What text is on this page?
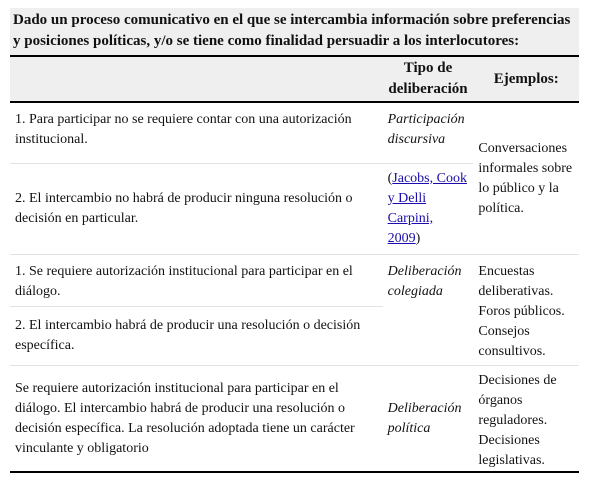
Dado un proceso comunicativo en el que se intercambia información sobre preferencias y posiciones políticas, y/o se tiene como finalidad persuadir a los interlocutores:		
	Tipo de deliberación	Ejemplos:
1. Para participar no se requiere contar con una autorización institucional.	Participación discursiva	Conversaciones informales sobre lo público y la política.
2. El intercambio no habrá de producir ninguna resolución o decisión en particular.	(Jacobs, Cook y Delli Carpini, 2009)	
1. Se requiere autorización institucional para participar en el diálogo.	Deliberación colegiada	Encuestas deliberativas. Foros públicos. Consejos consultivos.
2. El intercambio habrá de producir una resolución o decisión específica.		
Se requiere autorización institucional para participar en el diálogo. El intercambio habrá de producir una resolución o decisión específica. La resolución adoptada tiene un carácter vinculante y obligatorio	Deliberación política	Decisiones de órganos reguladores. Decisiones legislativas.
